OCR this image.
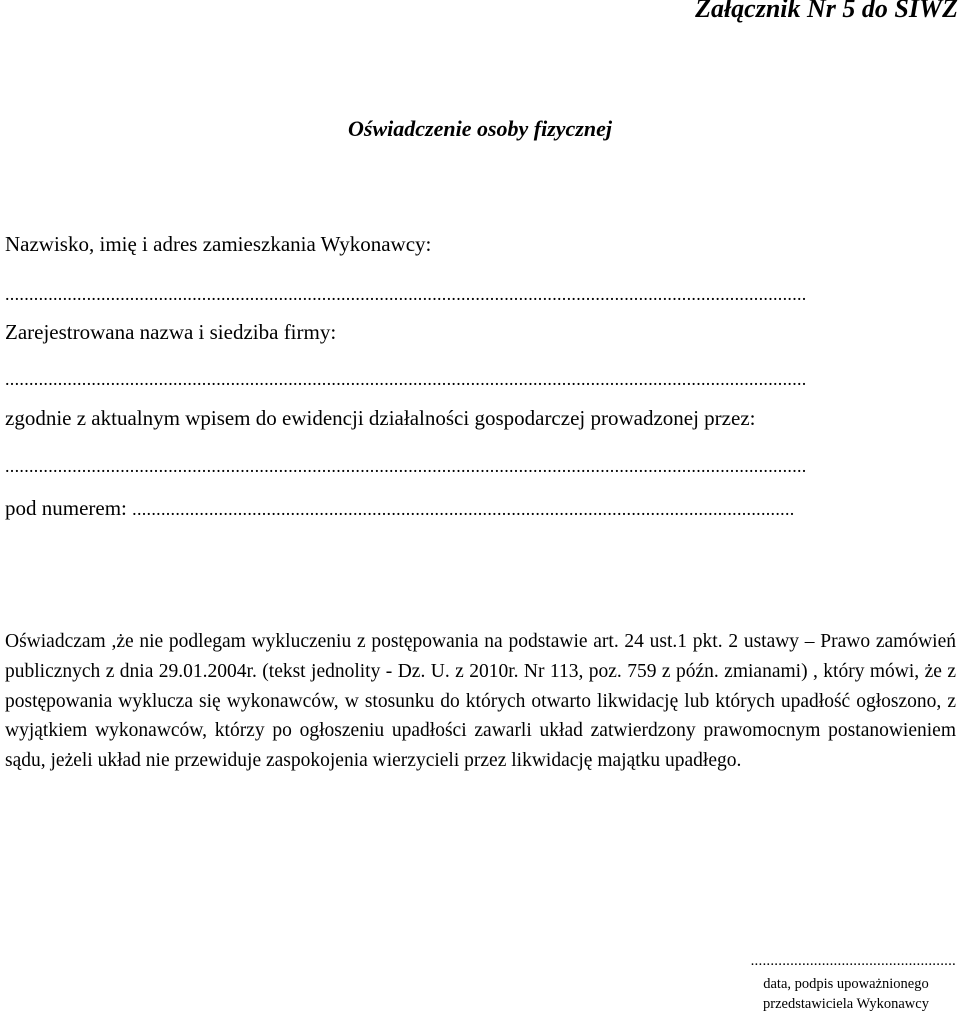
Załącznik Nr 5 do SIWZ
Oświadczenie osoby fizycznej
Nazwisko, imię i adres zamieszkania Wykonawcy:
.......................................................................................................................................................................
Zarejestrowana nazwa i siedziba firmy:
.......................................................................................................................................................................
zgodnie z aktualnym wpisem do ewidencji działalności gospodarczej prowadzonej przez:
.......................................................................................................................................................................
pod numerem: ..........................................................................................................................................

Oświadczam ,że nie podlegam wykluczeniu z postępowania na podstawie art. 24 ust.1 pkt. 2 ustawy – Prawo zamówień publicznych z dnia 29.01.2004r. (tekst jednolity - Dz. U. z 2010r. Nr 113, poz. 759 z późn. zmianami) , który mówi, że z postępowania wyklucza się wykonawców, w stosunku do których otwarto likwidację lub których upadłość ogłoszono, z wyjątkiem wykonawców, którzy po ogłoszeniu upadłości zawarli układ zatwierdzony prawomocnym postanowieniem sądu, jeżeli układ nie przewiduje zaspokojenia wierzycieli przez likwidację majątku upadłego.

....................................................
data, podpis upoważnionego
przedstawiciela Wykonawcy
